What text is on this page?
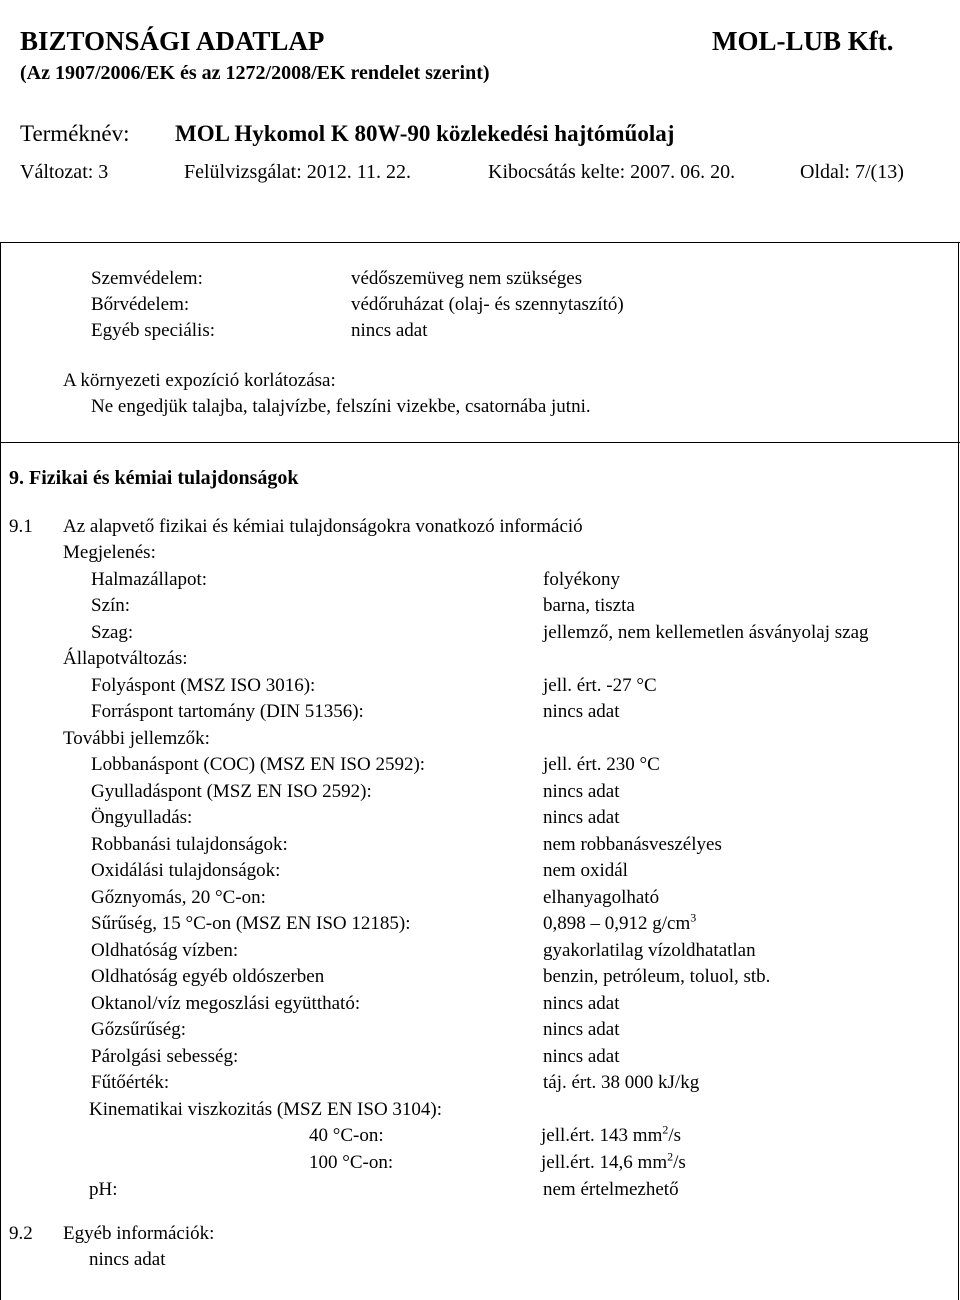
BIZTONSÁGI ADATLAP	MOL-LUB Kft.
(Az 1907/2006/EK és az 1272/2008/EK rendelet szerint)
Terméknév: MOL Hykomol K 80W-90 közlekedési hajtóműolaj
Változat: 3	Felülvizsgálat: 2012. 11. 22.	Kibocsátás kelte: 2007. 06. 20.	Oldal: 7/(13)
Szemvédelem:	védőszemüveg nem szükséges
Bőrvédelem:	védőruházat (olaj- és szennytaszító)
Egyéb speciális:	nincs adat
A környezeti expozíció korlátozása:
Ne engedjük talajba, talajvízbe, felszíni vizekbe, csatornába jutni.
9. Fizikai és kémiai tulajdonságok
9.1 Az alapvető fizikai és kémiai tulajdonságokra vonatkozó információ
Megjelenés:
Halmazállapot:	folyékony
Szín:	barna, tiszta
Szag:	jellemző, nem kellemetlen ásványolaj szag
Állapotváltozás:
Folyáspont (MSZ ISO 3016):	jell. ért. -27 °C
Forráspont tartomány (DIN 51356):	nincs adat
További jellemzők:
Lobbanáspont (COC) (MSZ EN ISO 2592):	jell. ért. 230 °C
Gyulladáspont (MSZ EN ISO 2592):	nincs adat
Öngyulladás:	nincs adat
Robbanási tulajdonságok:	nem robbanásveszélyes
Oxidálási tulajdonságok:	nem oxidál
Gőznyomás, 20 °C-on:	elhanyagolható
Sűrűség, 15 °C-on (MSZ EN ISO 12185):	0,898 – 0,912 $g/cm^3$
Oldhatóság vízben:	gyakorlatilag vízoldhatatlan
Oldhatóság egyéb oldószerben	benzin, petróleum, toluol, stb.
Oktanol/víz megoszlási együttható:	nincs adat
Gőzsűrűség:	nincs adat
Párolgási sebesség:	nincs adat
Fűtőérték:	táj. ért. 38 000 kJ/kg
Kinematikai viszkozitás (MSZ EN ISO 3104):
40 °C-on:	jell.ért. 143 $mm^2/s$
100 °C-on:	jell.ért. 14,6 $mm^2/s$
pH:	nem értelmezhető
9.2 Egyéb információk:
nincs adat
